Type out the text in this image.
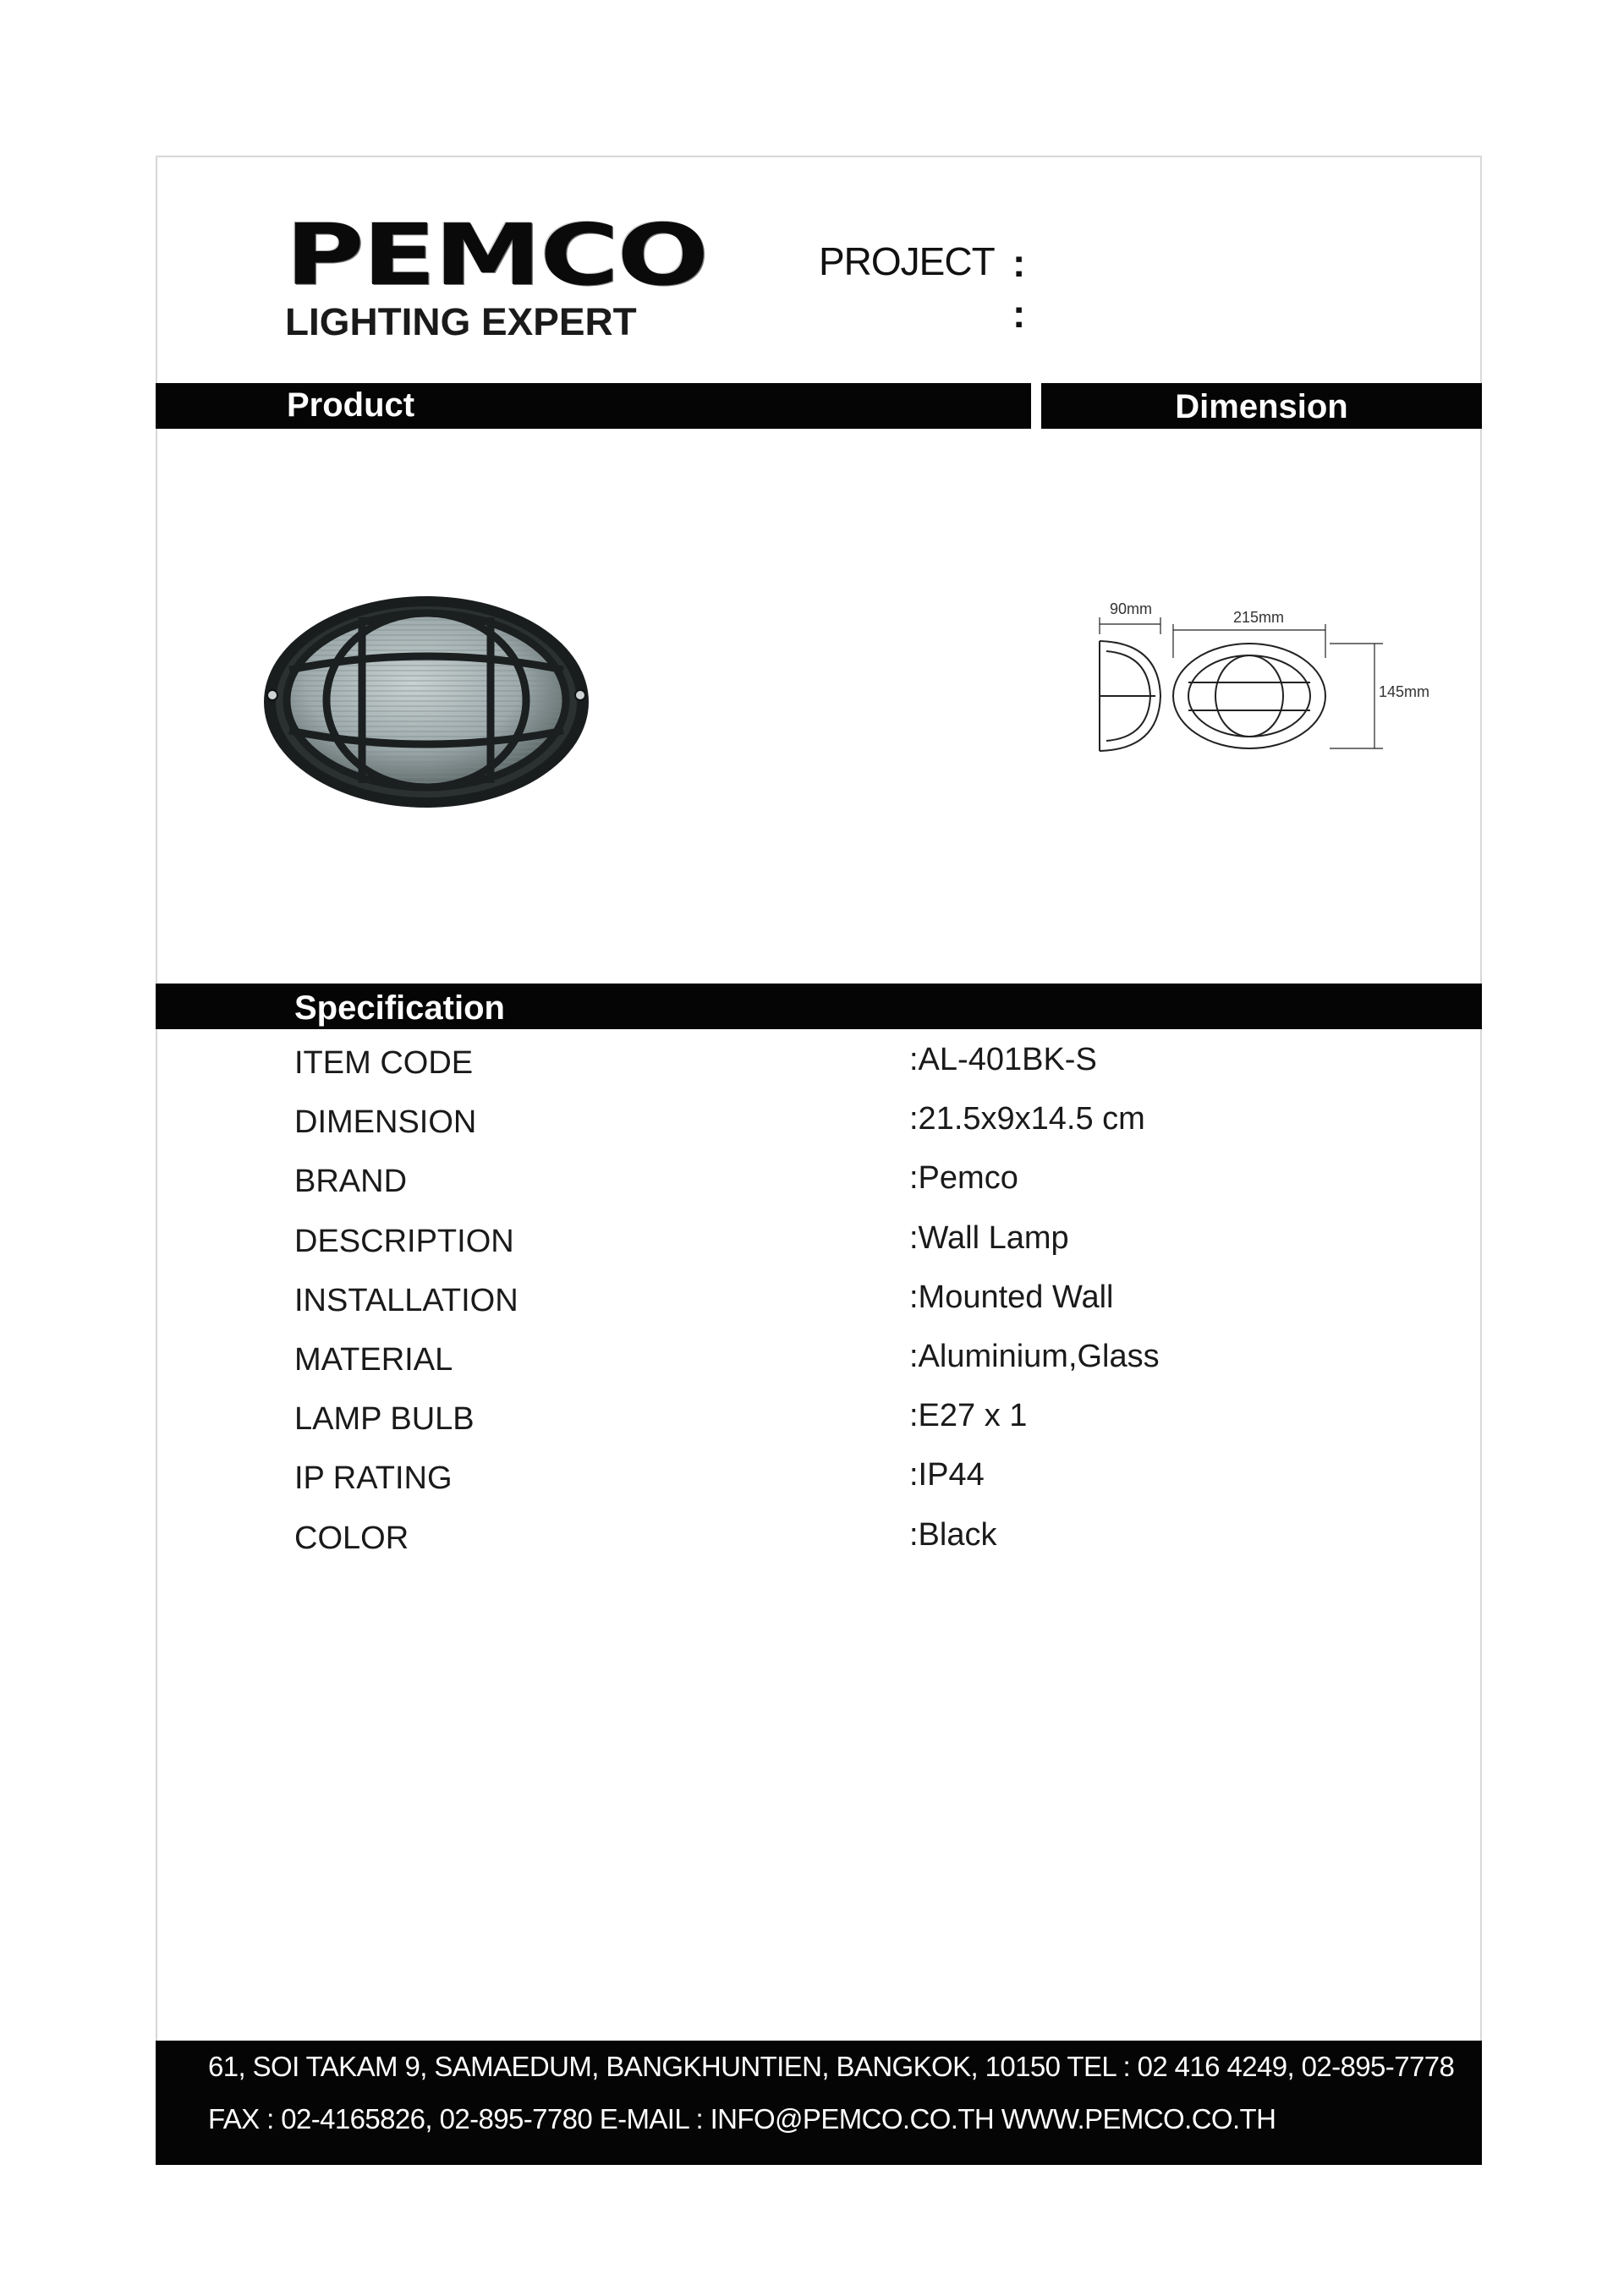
PEMCO
LIGHTING EXPERT
PROJECT :
:
Product	Dimension
90mm	215mm
145mm
Specification
ITEM CODE	:AL-401BK-S
DIMENSION	:21.5x9x14.5 cm
BRAND	:Pemco
DESCRIPTION	:Wall Lamp
INSTALLATION	:Mounted Wall
MATERIAL	:Aluminium,Glass
LAMP BULB	:E27 x 1
IP RATING	:IP44
COLOR	:Black
61, SOI TAKAM 9, SAMAEDUM, BANGKHUNTIEN, BANGKOK, 10150 TEL : 02 416 4249, 02-895-7778
FAX : 02-4165826, 02-895-7780 E-MAIL : INFO@PEMCO.CO.TH WWW.PEMCO.CO.TH
